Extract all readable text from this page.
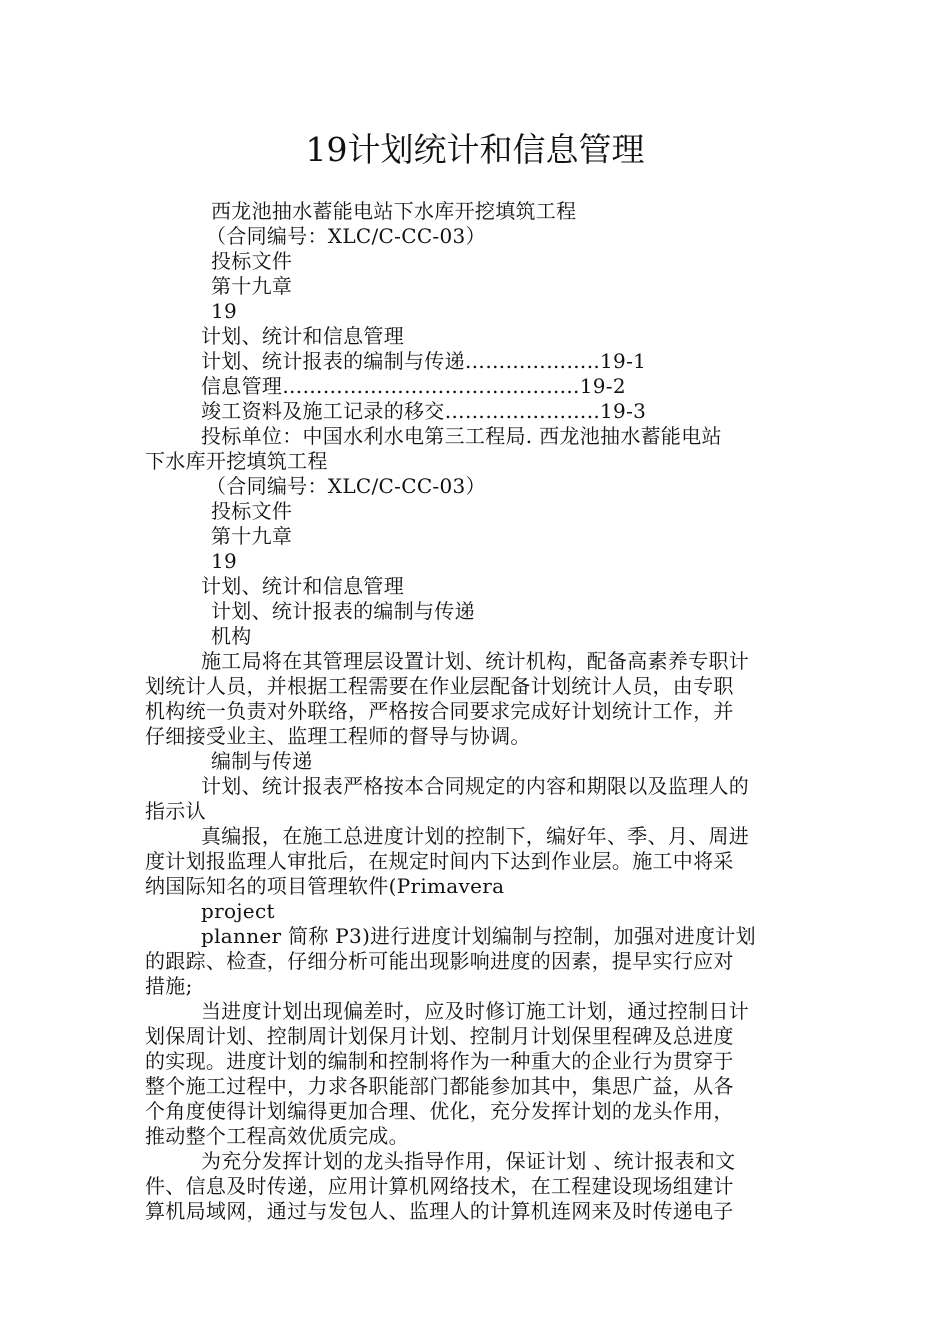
19计划统计和信息管理
西龙池抽水蓄能电站下水库开挖填筑工程
（合同编号：XLC/C-CC-03）
投标文件
第十九章
19
计划、统计和信息管理
计划、统计报表的编制与传递………………..19-1
信息管理……………………………………..19-2
竣工资料及施工记录的移交…………………..19-3
投标单位：中国水利水电第三工程局. 西龙池抽水蓄能电站
下水库开挖填筑工程
（合同编号：XLC/C-CC-03）
投标文件
第十九章
19
计划、统计和信息管理
计划、统计报表的编制与传递
机构
施工局将在其管理层设置计划、统计机构，配备高素养专职计
划统计人员，并根据工程需要在作业层配备计划统计人员，由专职
机构统一负责对外联络，严格按合同要求完成好计划统计工作，并
仔细接受业主、监理工程师的督导与协调。
编制与传递
计划、统计报表严格按本合同规定的内容和期限以及监理人的
指示认
真编报，在施工总进度计划的控制下，编好年、季、月、周进
度计划报监理人审批后，在规定时间内下达到作业层。施工中将采
纳国际知名的项目管理软件(Primavera
project
planner 简称 P3)进行进度计划编制与控制，加强对进度计划
的跟踪、检查，仔细分析可能出现影响进度的因素，提早实行应对
措施;
当进度计划出现偏差时，应及时修订施工计划，通过控制日计
划保周计划、控制周计划保月计划、控制月计划保里程碑及总进度
的实现。进度计划的编制和控制将作为一种重大的企业行为贯穿于
整个施工过程中，力求各职能部门都能参加其中，集思广益，从各
个角度使得计划编得更加合理、优化，充分发挥计划的龙头作用，
推动整个工程高效优质完成。
为充分发挥计划的龙头指导作用，保证计划 、统计报表和文
件、信息及时传递，应用计算机网络技术，在工程建设现场组建计
算机局域网，通过与发包人、监理人的计算机连网来及时传递电子
